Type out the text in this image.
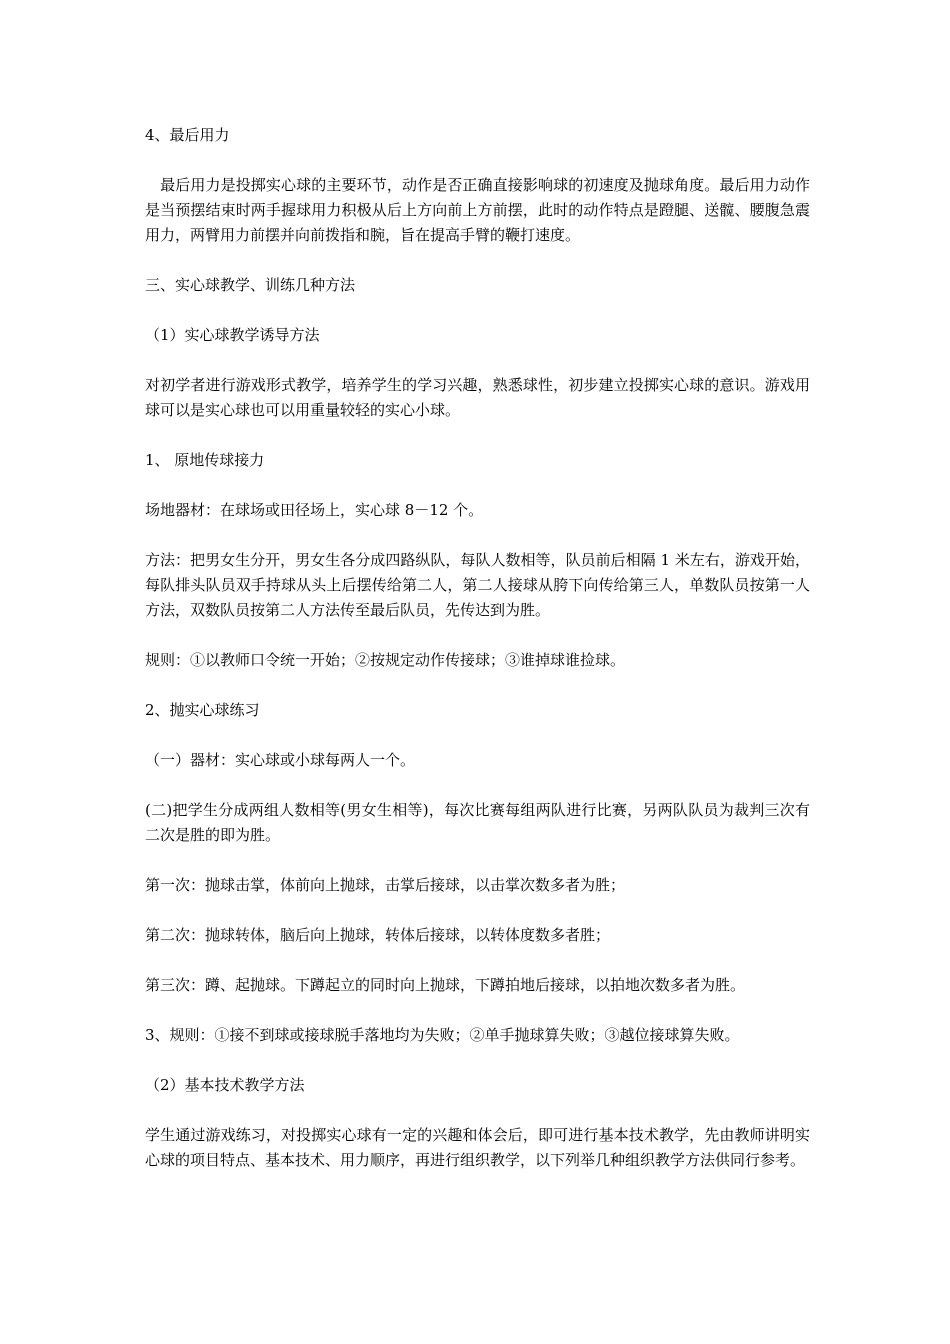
4、最后用力

　最后用力是投掷实心球的主要环节，动作是否正确直接影响球的初速度及抛球角度。最后用力动作是当预摆结束时两手握球用力积极从后上方向前上方前摆，此时的动作特点是蹬腿、送髋、腰腹急震用力，两臂用力前摆并向前拨指和腕，旨在提高手臂的鞭打速度。

三、实心球教学、训练几种方法

（1）实心球教学诱导方法

对初学者进行游戏形式教学，培养学生的学习兴趣，熟悉球性，初步建立投掷实心球的意识。游戏用球可以是实心球也可以用重量较轻的实心小球。

1、 原地传球接力

场地器材：在球场或田径场上，实心球 8－12 个。

方法：把男女生分开，男女生各分成四路纵队，每队人数相等，队员前后相隔 1 米左右，游戏开始，每队排头队员双手持球从头上后摆传给第二人，第二人接球从胯下向传给第三人，单数队员按第一人方法，双数队员按第二人方法传至最后队员，先传达到为胜。

规则：①以教师口令统一开始；②按规定动作传接球；③谁掉球谁捡球。

2、抛实心球练习

（一）器材：实心球或小球每两人一个。

(二)把学生分成两组人数相等(男女生相等)，每次比赛每组两队进行比赛，另两队队员为裁判三次有二次是胜的即为胜。

第一次：抛球击掌，体前向上抛球，击掌后接球，以击掌次数多者为胜；

第二次：抛球转体，脑后向上抛球，转体后接球，以转体度数多者胜；

第三次：蹲、起抛球。下蹲起立的同时向上抛球，下蹲拍地后接球，以拍地次数多者为胜。

3、规则：①接不到球或接球脱手落地均为失败；②单手抛球算失败；③越位接球算失败。

（2）基本技术教学方法

学生通过游戏练习，对投掷实心球有一定的兴趣和体会后，即可进行基本技术教学，先由教师讲明实心球的项目特点、基本技术、用力顺序，再进行组织教学，以下列举几种组织教学方法供同行参考。
